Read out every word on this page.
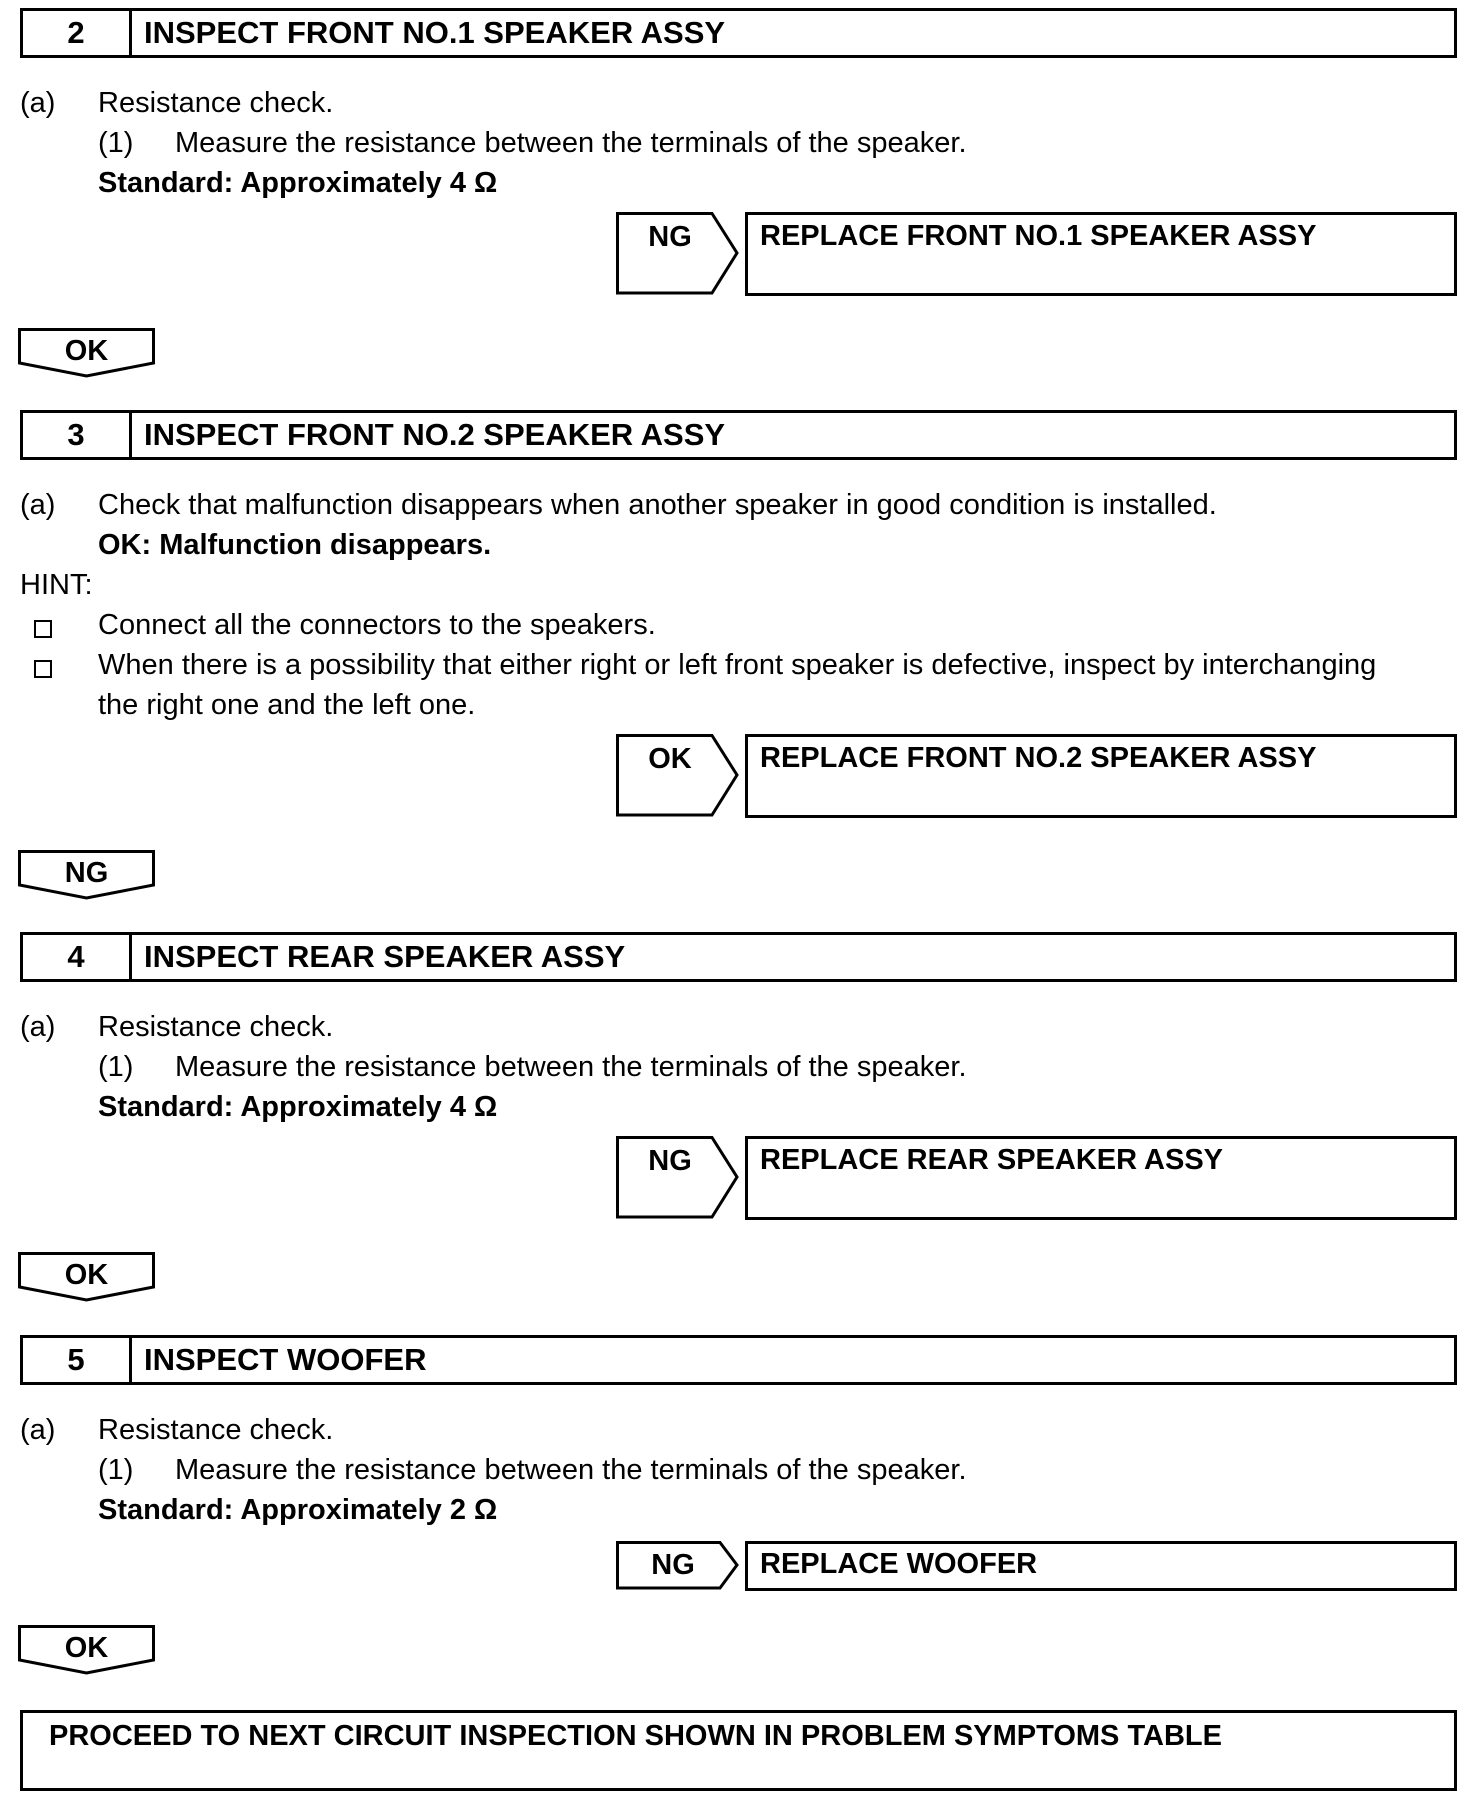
2	INSPECT FRONT NO.1 SPEAKER ASSY
(a) Resistance check.
(1) Measure the resistance between the terminals of the speaker.
Standard: Approximately 4 Ω
NG	REPLACE FRONT NO.1 SPEAKER ASSY
OK
3	INSPECT FRONT NO.2 SPEAKER ASSY
(a) Check that malfunction disappears when another speaker in good condition is installed.
OK: Malfunction disappears.
HINT:
Connect all the connectors to the speakers.
When there is a possibility that either right or left front speaker is defective, inspect by interchanging
the right one and the left one.
OK	REPLACE FRONT NO.2 SPEAKER ASSY
NG
4	INSPECT REAR SPEAKER ASSY
(a) Resistance check.
(1) Measure the resistance between the terminals of the speaker.
Standard: Approximately 4 Ω
NG	REPLACE REAR SPEAKER ASSY
OK
5	INSPECT WOOFER
(a) Resistance check.
(1) Measure the resistance between the terminals of the speaker.
Standard: Approximately 2 Ω
NG	REPLACE WOOFER
OK
PROCEED TO NEXT CIRCUIT INSPECTION SHOWN IN PROBLEM SYMPTOMS TABLE
